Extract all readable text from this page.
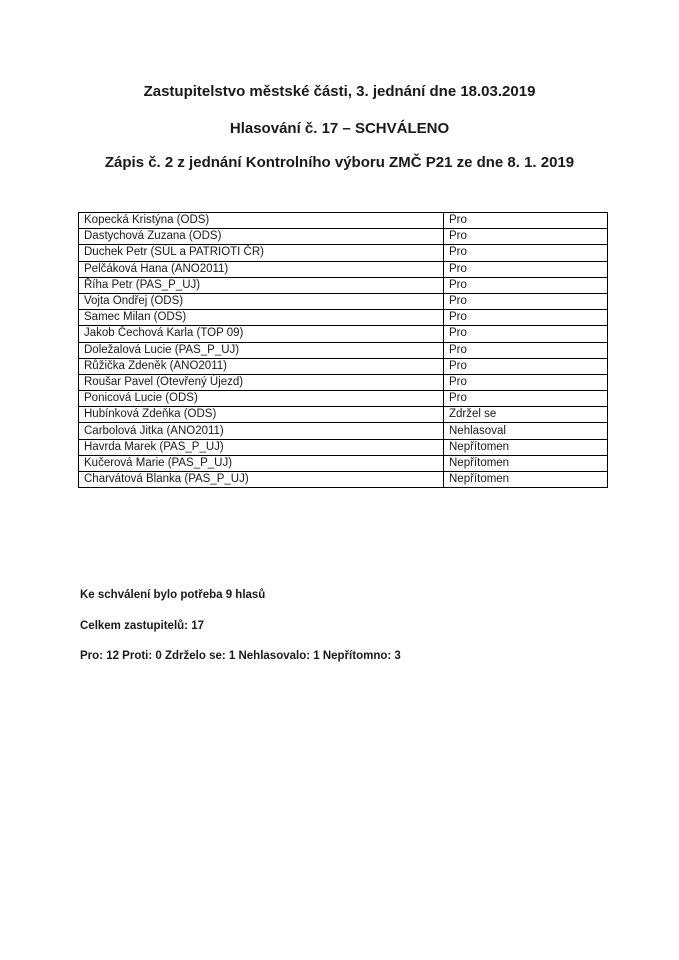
Zastupitelstvo městské části, 3. jednání dne 18.03.2019
Hlasování č. 17 – SCHVÁLENO
Zápis č. 2 z jednání Kontrolního výboru ZMČ P21 ze dne 8. 1. 2019
Kopecká Kristýna (ODS)	Pro
Dastychová Zuzana (ODS)	Pro
Duchek Petr (SÚL a PATRIOTI ČR)	Pro
Pelčáková Hana (ANO2011)	Pro
Říha Petr (PAS_P_UJ)	Pro
Vojta Ondřej (ODS)	Pro
Samec Milan (ODS)	Pro
Jakob Čechová Karla (TOP 09)	Pro
Doležalová Lucie (PAS_P_UJ)	Pro
Růžička Zdeněk (ANO2011)	Pro
Roušar Pavel (Otevřený Újezd)	Pro
Ponicová Lucie (ODS)	Pro
Hubínková Zdeňka (ODS)	Zdržel se
Carbolová Jitka (ANO2011)	Nehlasoval
Havrda Marek (PAS_P_UJ)	Nepřítomen
Kučerová Marie (PAS_P_UJ)	Nepřítomen
Charvátová Blanka (PAS_P_UJ)	Nepřítomen
Ke schválení bylo potřeba 9 hlasů
Celkem zastupitelů: 17
Pro: 12 Proti: 0 Zdrželo se: 1 Nehlasovalo: 1 Nepřítomno: 3
